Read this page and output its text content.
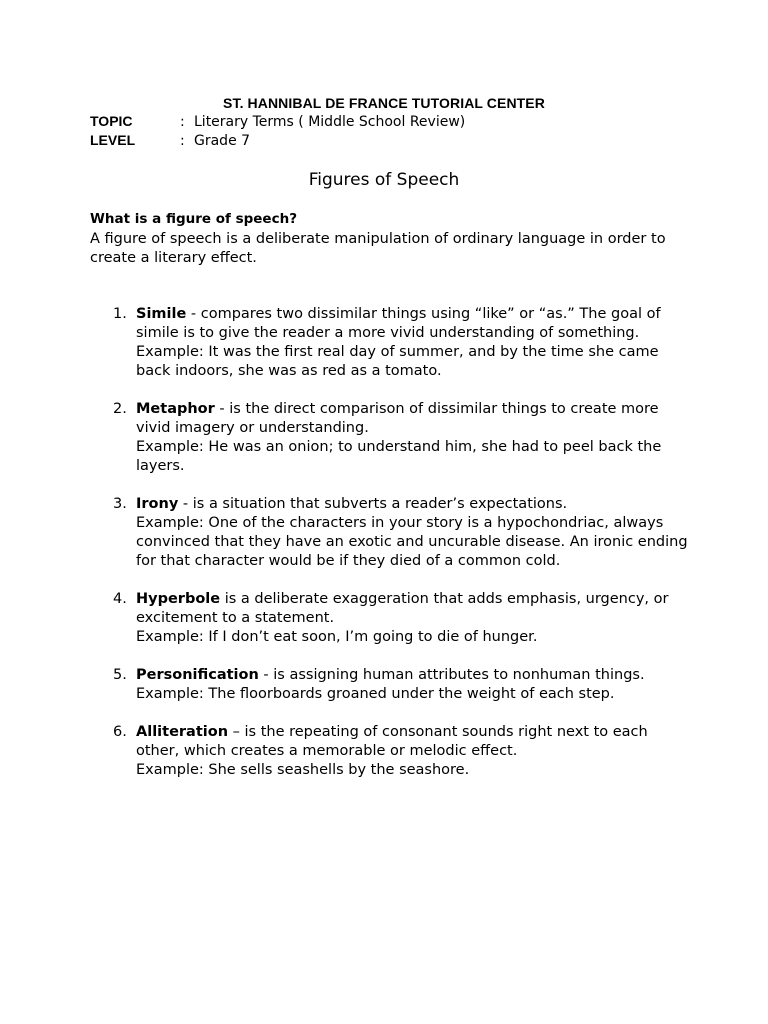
ST. HANNIBAL DE FRANCE TUTORIAL CENTER
TOPIC	: Literary Terms ( Middle School Review)
LEVEL	: Grade 7
Figures of Speech
What is a figure of speech?
A figure of speech is a deliberate manipulation of ordinary language in order to create a literary effect.
1. Simile - compares two dissimilar things using “like” or “as.” The goal of simile is to give the reader a more vivid understanding of something.
Example: It was the first real day of summer, and by the time she came back indoors, she was as red as a tomato.
2. Metaphor - is the direct comparison of dissimilar things to create more vivid imagery or understanding.
Example: He was an onion; to understand him, she had to peel back the layers.
3. Irony - is a situation that subverts a reader’s expectations.
Example: One of the characters in your story is a hypochondriac, always convinced that they have an exotic and uncurable disease. An ironic ending for that character would be if they died of a common cold.
4. Hyperbole is a deliberate exaggeration that adds emphasis, urgency, or excitement to a statement.
Example: If I don’t eat soon, I’m going to die of hunger.
5. Personification - is assigning human attributes to nonhuman things.
Example: The floorboards groaned under the weight of each step.
6. Alliteration – is the repeating of consonant sounds right next to each other, which creates a memorable or melodic effect.
Example: She sells seashells by the seashore.
